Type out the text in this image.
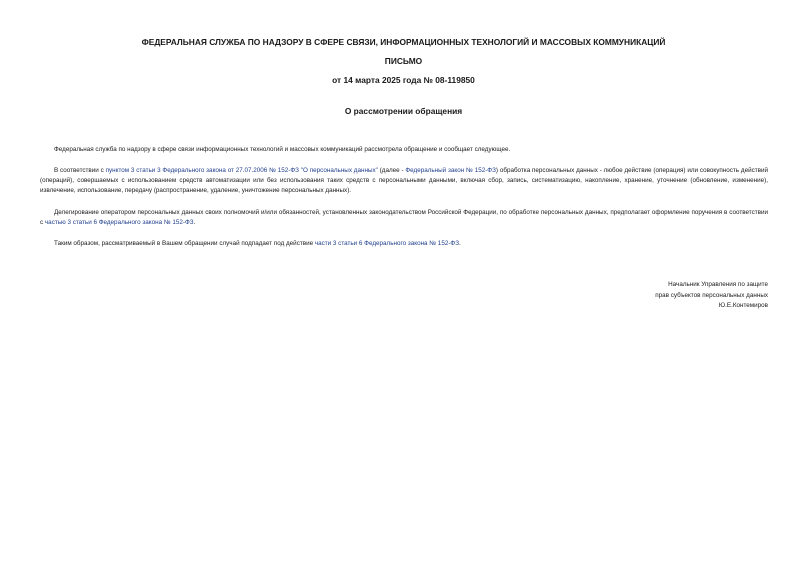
ФЕДЕРАЛЬНАЯ СЛУЖБА ПО НАДЗОРУ В СФЕРЕ СВЯЗИ, ИНФОРМАЦИОННЫХ ТЕХНОЛОГИЙ И МАССОВЫХ КОММУНИКАЦИЙ
ПИСЬМО
от 14 марта 2025 года № 08-119850
О рассмотрении обращения

Федеральная служба по надзору в сфере связи информационных технологий и массовых коммуникаций рассмотрела обращение и сообщает следующее.

В соответствии с пунктом 3 статьи 3 Федерального закона от 27.07.2006 № 152-ФЗ "О персональных данных" (далее - Федеральный закон № 152-ФЗ) обработка персональных данных - любое действие (операция) или совокупность действий (операций), совершаемых с использованием средств автоматизации или без использования таких средств с персональными данными, включая сбор, запись, систематизацию, накопление, хранение, уточнение (обновление, изменение), извлечение, использование, передачу (распространение, удаление, уничтожение персональных данных).

Делегирование оператором персональных данных своих полномочий и/или обязанностей, установленных законодательством Российской Федерации, по обработке персональных данных, предполагает оформление поручения в соответствии с частью 3 статьи 6 Федерального закона № 152-ФЗ.

Таким образом, рассматриваемый в Вашем обращении случай подпадает под действие части 3 статьи 6 Федерального закона № 152-ФЗ.

Начальник Управления по защите
прав субъектов персональных данных
Ю.Е.Контемиров
